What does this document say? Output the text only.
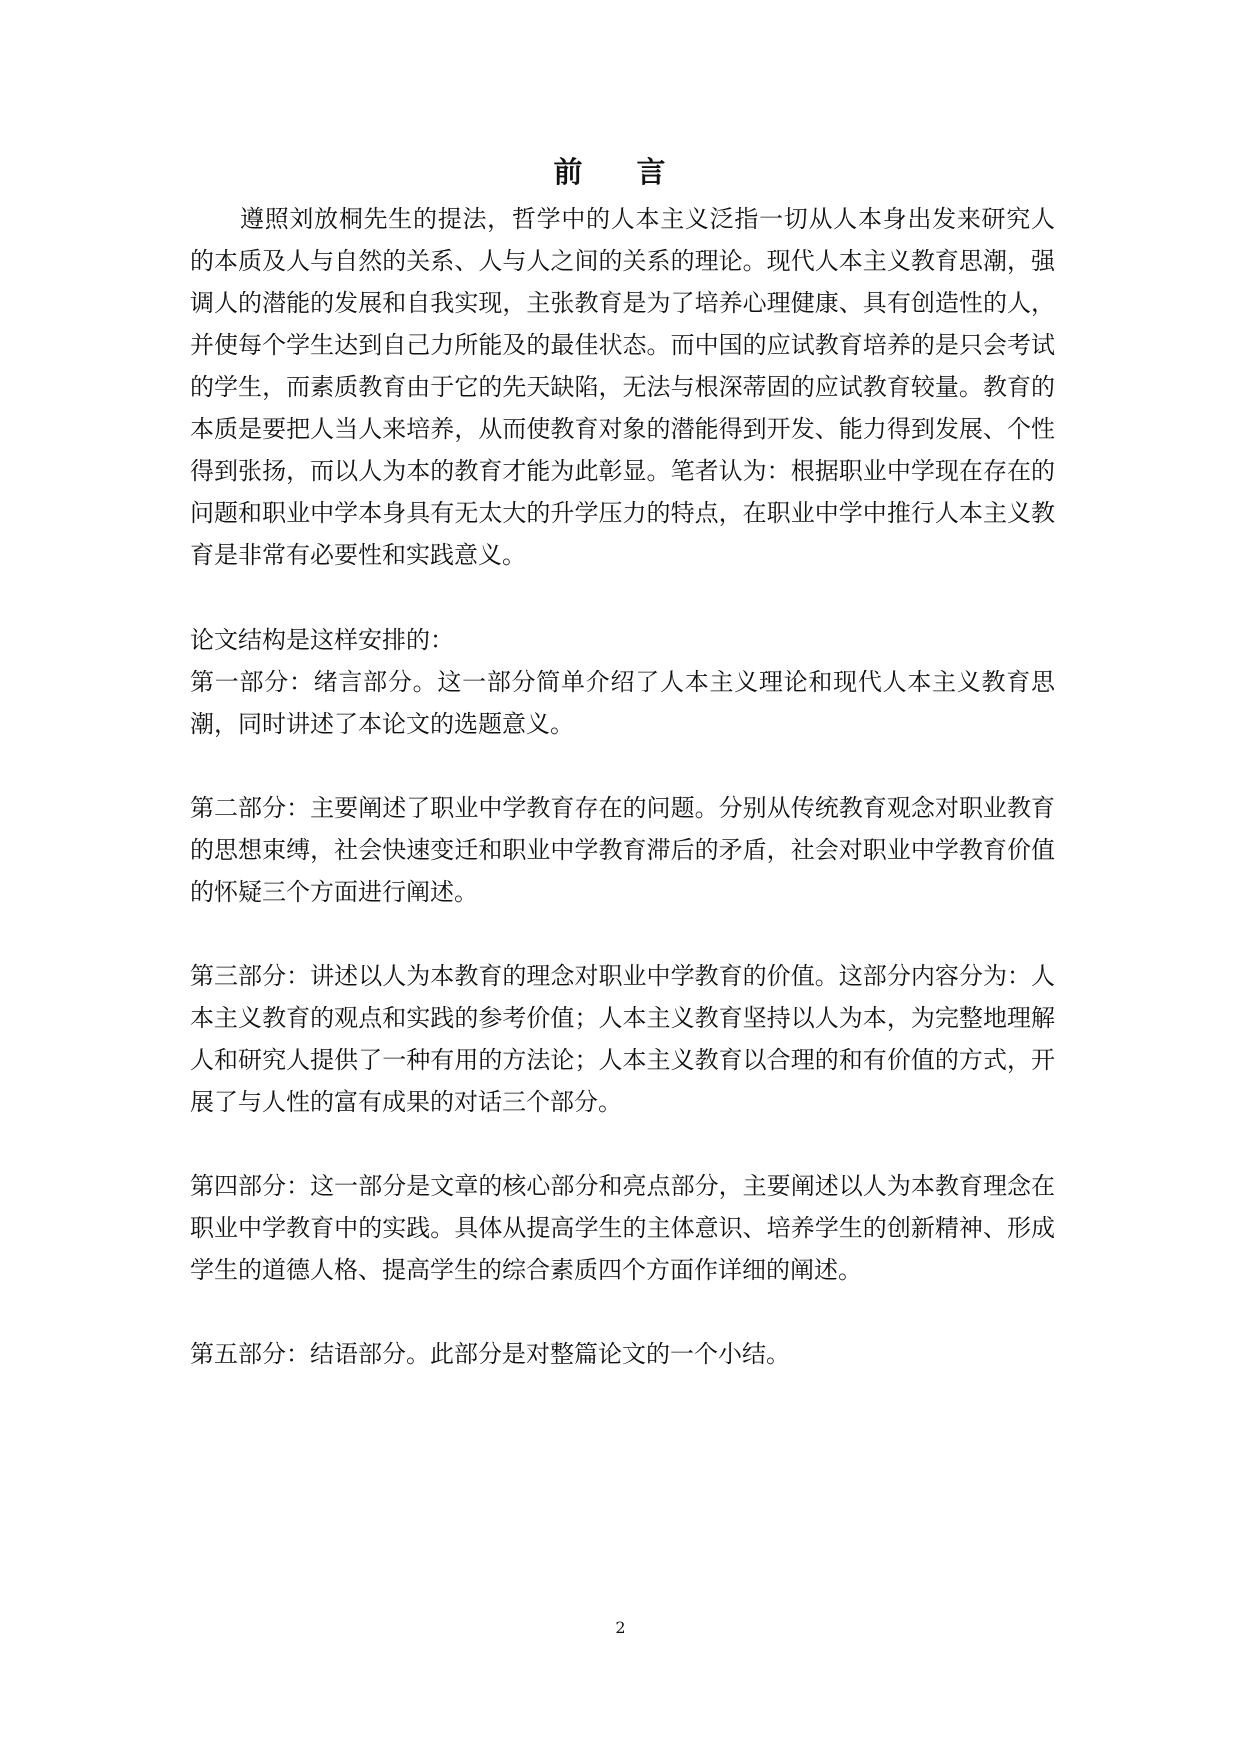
前 言

遵照刘放桐先生的提法，哲学中的人本主义泛指一切从人本身出发来研究人的本质及人与自然的关系、人与人之间的关系的理论。现代人本主义教育思潮，强调人的潜能的发展和自我实现，主张教育是为了培养心理健康、具有创造性的人，并使每个学生达到自己力所能及的最佳状态。而中国的应试教育培养的是只会考试的学生，而素质教育由于它的先天缺陷，无法与根深蒂固的应试教育较量。教育的本质是要把人当人来培养，从而使教育对象的潜能得到开发、能力得到发展、个性得到张扬，而以人为本的教育才能为此彰显。笔者认为：根据职业中学现在存在的问题和职业中学本身具有无太大的升学压力的特点，在职业中学中推行人本主义教育是非常有必要性和实践意义。

论文结构是这样安排的：

第一部分：绪言部分。这一部分简单介绍了人本主义理论和现代人本主义教育思潮，同时讲述了本论文的选题意义。

第二部分：主要阐述了职业中学教育存在的问题。分别从传统教育观念对职业教育的思想束缚，社会快速变迁和职业中学教育滞后的矛盾，社会对职业中学教育价值的怀疑三个方面进行阐述。

第三部分：讲述以人为本教育的理念对职业中学教育的价值。这部分内容分为：人本主义教育的观点和实践的参考价值；人本主义教育坚持以人为本，为完整地理解人和研究人提供了一种有用的方法论；人本主义教育以合理的和有价值的方式，开展了与人性的富有成果的对话三个部分。

第四部分：这一部分是文章的核心部分和亮点部分，主要阐述以人为本教育理念在职业中学教育中的实践。具体从提高学生的主体意识、培养学生的创新精神、形成学生的道德人格、提高学生的综合素质四个方面作详细的阐述。

第五部分：结语部分。此部分是对整篇论文的一个小结。

2
